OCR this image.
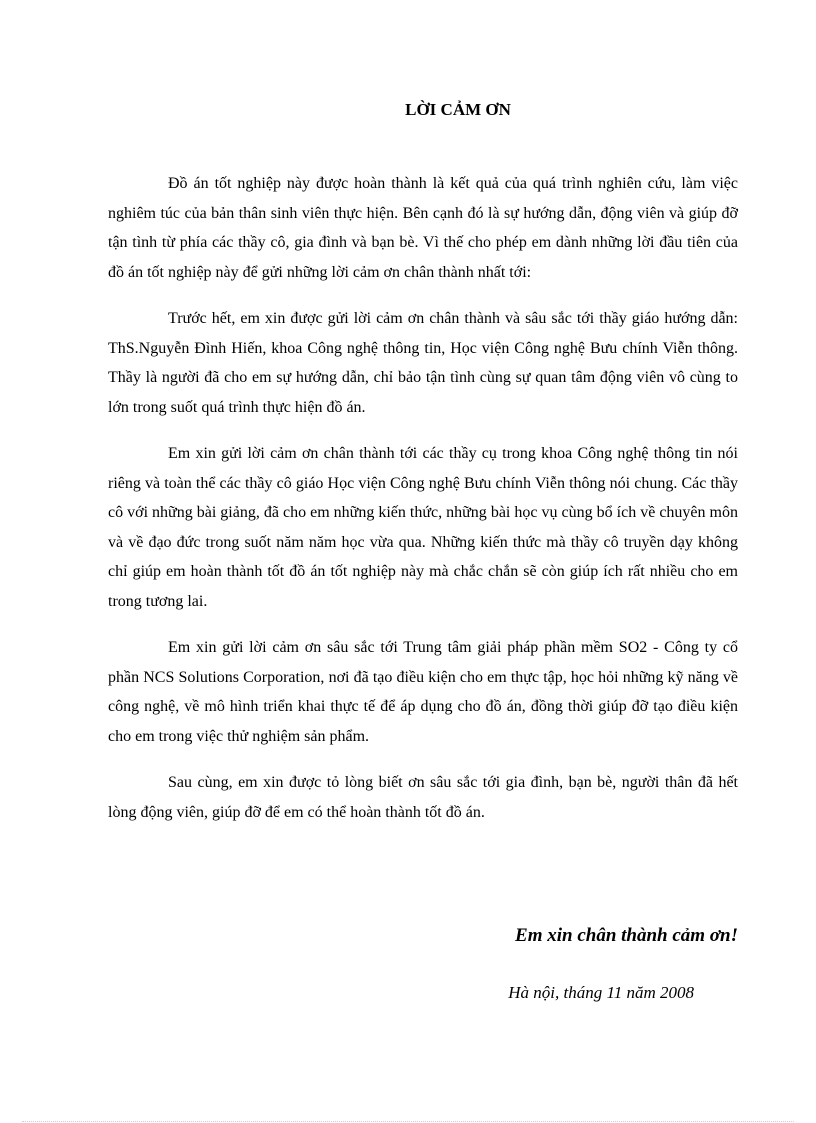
LỜI CẢM ƠN

Đồ án tốt nghiệp này được hoàn thành là kết quả của quá trình nghiên cứu, làm việc nghiêm túc của bản thân sinh viên thực hiện. Bên cạnh đó là sự hướng dẫn, động viên và giúp đỡ tận tình từ phía các thầy cô, gia đình và bạn bè. Vì thế cho phép em dành những lời đầu tiên của đồ án tốt nghiệp này để gửi những lời cảm ơn chân thành nhất tới:

Trước hết, em xin được gửi lời cảm ơn chân thành và sâu sắc tới thầy giáo hướng dẫn: ThS.Nguyễn Đình Hiến, khoa Công nghệ thông tin, Học viện Công nghệ Bưu chính Viễn thông. Thầy là người đã cho em sự hướng dẫn, chỉ bảo tận tình cùng sự quan tâm động viên vô cùng to lớn trong suốt quá trình thực hiện đồ án.

Em xin gửi lời cảm ơn chân thành tới các thầy cụ trong khoa Công nghệ thông tin nói riêng và toàn thể các thầy cô giáo Học viện Công nghệ Bưu chính Viễn thông nói chung. Các thầy cô với những bài giảng, đã cho em những kiến thức, những bài học vụ cùng bổ ích về chuyên môn và về đạo đức trong suốt năm năm học vừa qua. Những kiến thức mà thầy cô truyền dạy không chỉ giúp em hoàn thành tốt đồ án tốt nghiệp này mà chắc chắn sẽ còn giúp ích rất nhiều cho em trong tương lai.

Em xin gửi lời cảm ơn sâu sắc tới Trung tâm giải pháp phần mềm SO2 - Công ty cổ phần NCS Solutions Corporation, nơi đã tạo điều kiện cho em thực tập, học hỏi những kỹ năng về công nghệ, về mô hình triển khai thực tế để áp dụng cho đồ án, đồng thời giúp đỡ tạo điều kiện cho em trong việc thử nghiệm sản phẩm.

Sau cùng, em xin được tỏ lòng biết ơn sâu sắc tới gia đình, bạn bè, người thân đã hết lòng động viên, giúp đỡ để em có thể hoàn thành tốt đồ án.

Em xin chân thành cảm ơn!

Hà nội, tháng 11 năm 2008
